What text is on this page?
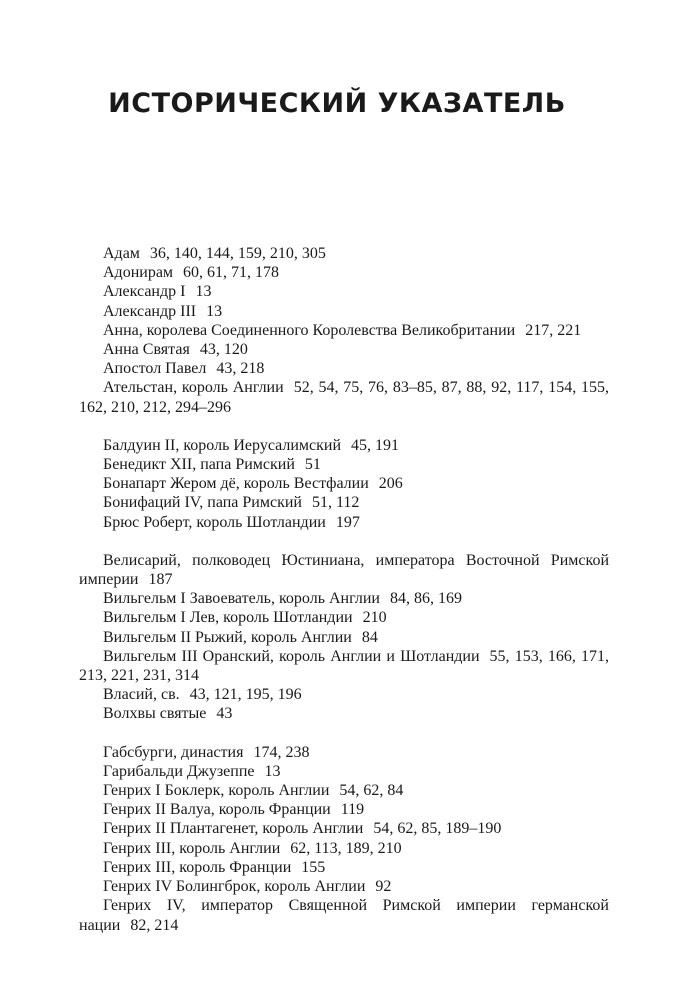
ИСТОРИЧЕСКИЙ УКАЗАТЕЛЬ

Адам 36, 140, 144, 159, 210, 305

Адонирам 60, 61, 71, 178

Александр I 13

Александр III 13

Анна, королева Соединенного Королевства Великобритании 217, 221

Анна Святая 43, 120

Апостол Павел 43, 218

Ательстан, король Англии 52, 54, 75, 76, 83–85, 87, 88, 92, 117, 154, 155, 162, 210, 212, 294–296

Балдуин II, король Иерусалимский 45, 191

Бенедикт XII, папа Римский 51

Бонапарт Жером дё, король Вестфалии 206

Бонифаций IV, папа Римский 51, 112

Брюс Роберт, король Шотландии 197

Велисарий, полководец Юстиниана, императора Восточной Римской империи 187

Вильгельм I Завоеватель, король Англии 84, 86, 169

Вильгельм I Лев, король Шотландии 210

Вильгельм II Рыжий, король Англии 84

Вильгельм III Оранский, король Англии и Шотландии 55, 153, 166, 171, 213, 221, 231, 314

Власий, св. 43, 121, 195, 196

Волхвы святые 43

Габсбурги, династия 174, 238

Гарибальди Джузеппе 13

Генрих I Боклерк, король Англии 54, 62, 84

Генрих II Валуа, король Франции 119

Генрих II Плантагенет, король Англии 54, 62, 85, 189–190

Генрих III, король Англии 62, 113, 189, 210

Генрих III, король Франции 155

Генрих IV Болингброк, король Англии 92

Генрих IV, император Священной Римской империи германской нации 82, 214
